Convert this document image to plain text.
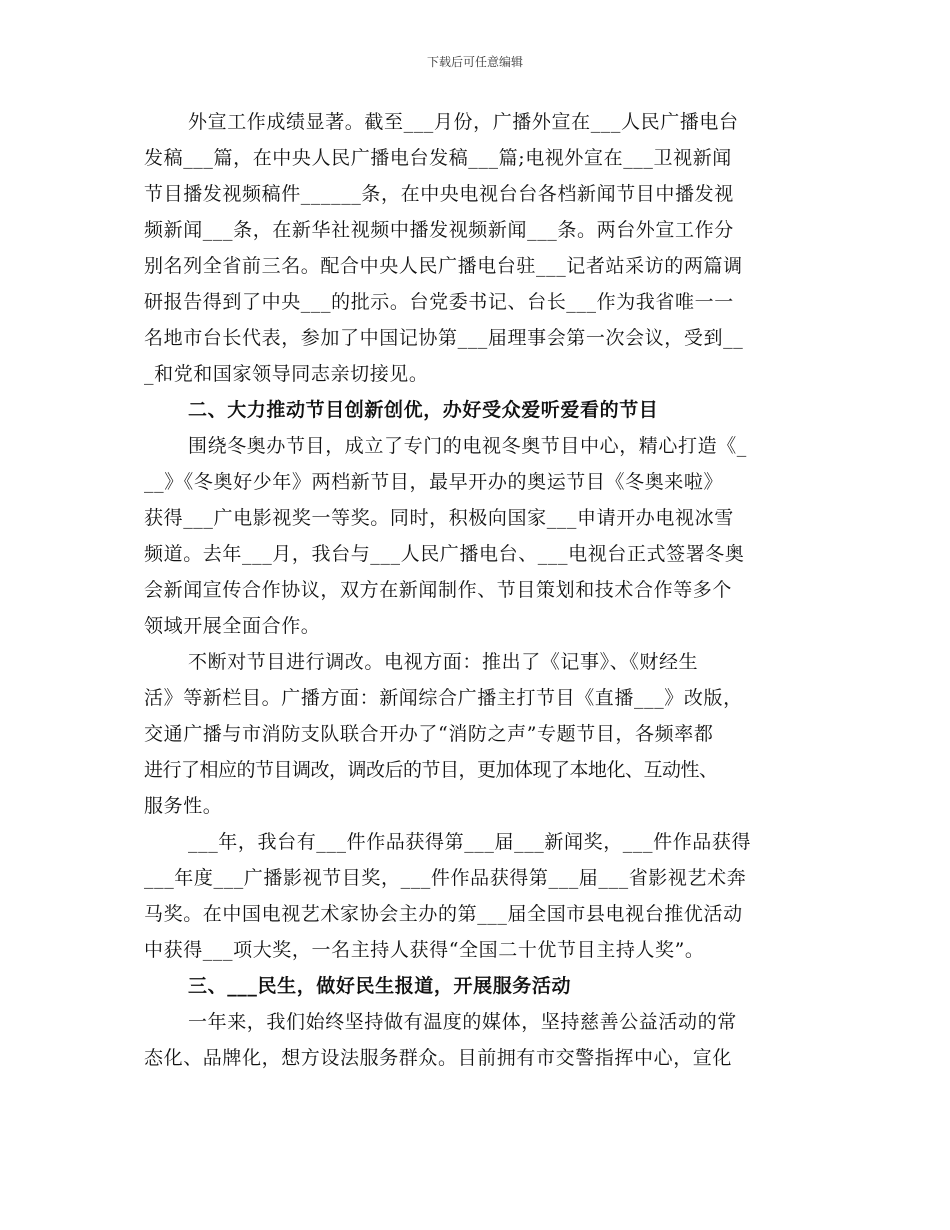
下载后可任意编辑
外宣工作成绩显著。截至___月份，广播外宣在___人民广播电台
发稿___篇，在中央人民广播电台发稿___篇;电视外宣在___卫视新闻
节目播发视频稿件______条，在中央电视台台各档新闻节目中播发视
频新闻___条，在新华社视频中播发视频新闻___条。两台外宣工作分
别名列全省前三名。配合中央人民广播电台驻___记者站采访的两篇调
研报告得到了中央___的批示。台党委书记、台长___作为我省唯一一
名地市台长代表，参加了中国记协第___届理事会第一次会议，受到__
_和党和国家领导同志亲切接见。
二、大力推动节目创新创优，办好受众爱听爱看的节目
围绕冬奥办节目，成立了专门的电视冬奥节目中心，精心打造《_
__》《冬奥好少年》两档新节目，最早开办的奥运节目《冬奥来啦》
获得___广电影视奖一等奖。同时，积极向国家___申请开办电视冰雪
频道。去年___月，我台与___人民广播电台、___电视台正式签署冬奥
会新闻宣传合作协议，双方在新闻制作、节目策划和技术合作等多个
领域开展全面合作。
不断对节目进行调改。电视方面：推出了《记事》、《财经生
活》等新栏目。广播方面：新闻综合广播主打节目《直播___》改版，
交通广播与市消防支队联合开办了“消防之声”专题节目，各频率都
进行了相应的节目调改，调改后的节目，更加体现了本地化、互动性、
服务性。
___年，我台有___件作品获得第___届___新闻奖，___件作品获得
___年度___广播影视节目奖，___件作品获得第___届___省影视艺术奔
马奖。在中国电视艺术家协会主办的第___届全国市县电视台推优活动
中获得___项大奖，一名主持人获得“全国二十优节目主持人奖”。
三、___民生，做好民生报道，开展服务活动
一年来，我们始终坚持做有温度的媒体，坚持慈善公益活动的常
态化、品牌化，想方设法服务群众。目前拥有市交警指挥中心，宣化
